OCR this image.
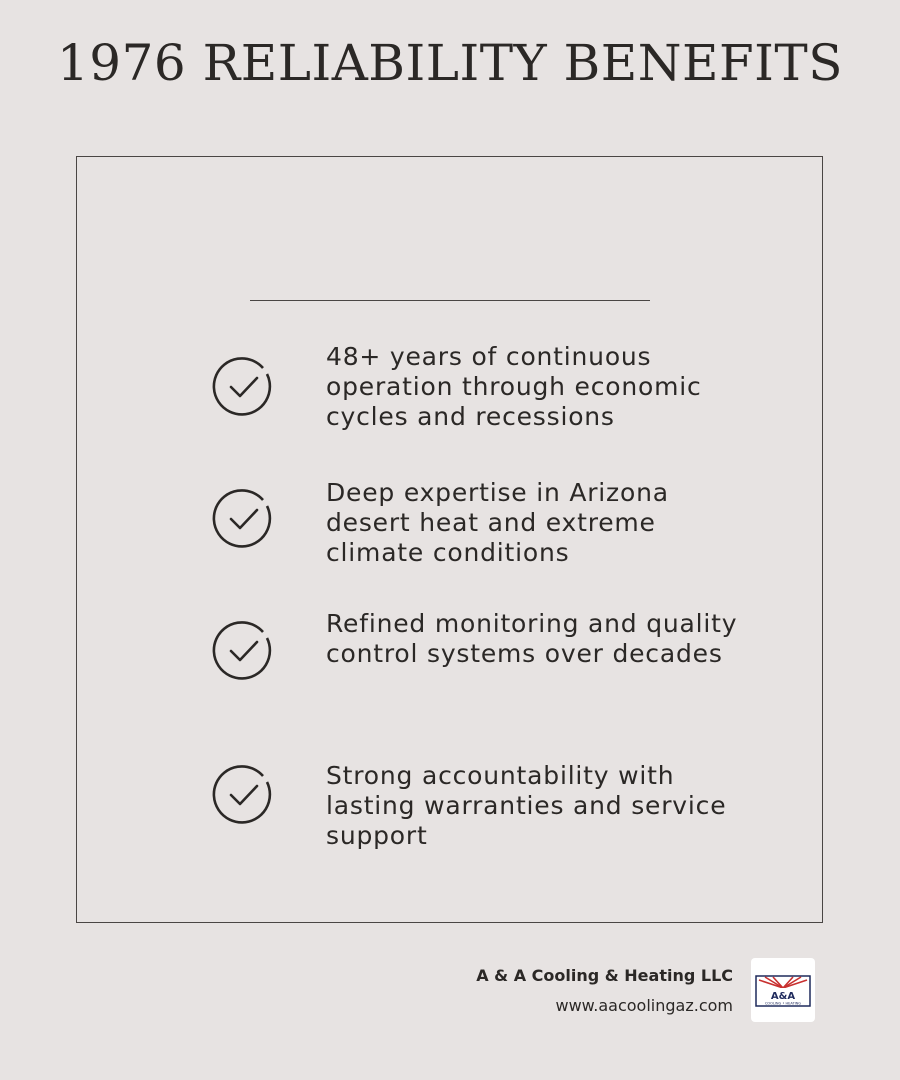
1976 RELIABILITY BENEFITS
48+ years of continuous operation through economic cycles and recessions
Deep expertise in Arizona desert heat and extreme climate conditions
Refined monitoring and quality control systems over decades
Strong accountability with lasting warranties and service support
A & A Cooling & Heating LLC
www.aacoolingaz.com	A&A
COOLING • HEATING
